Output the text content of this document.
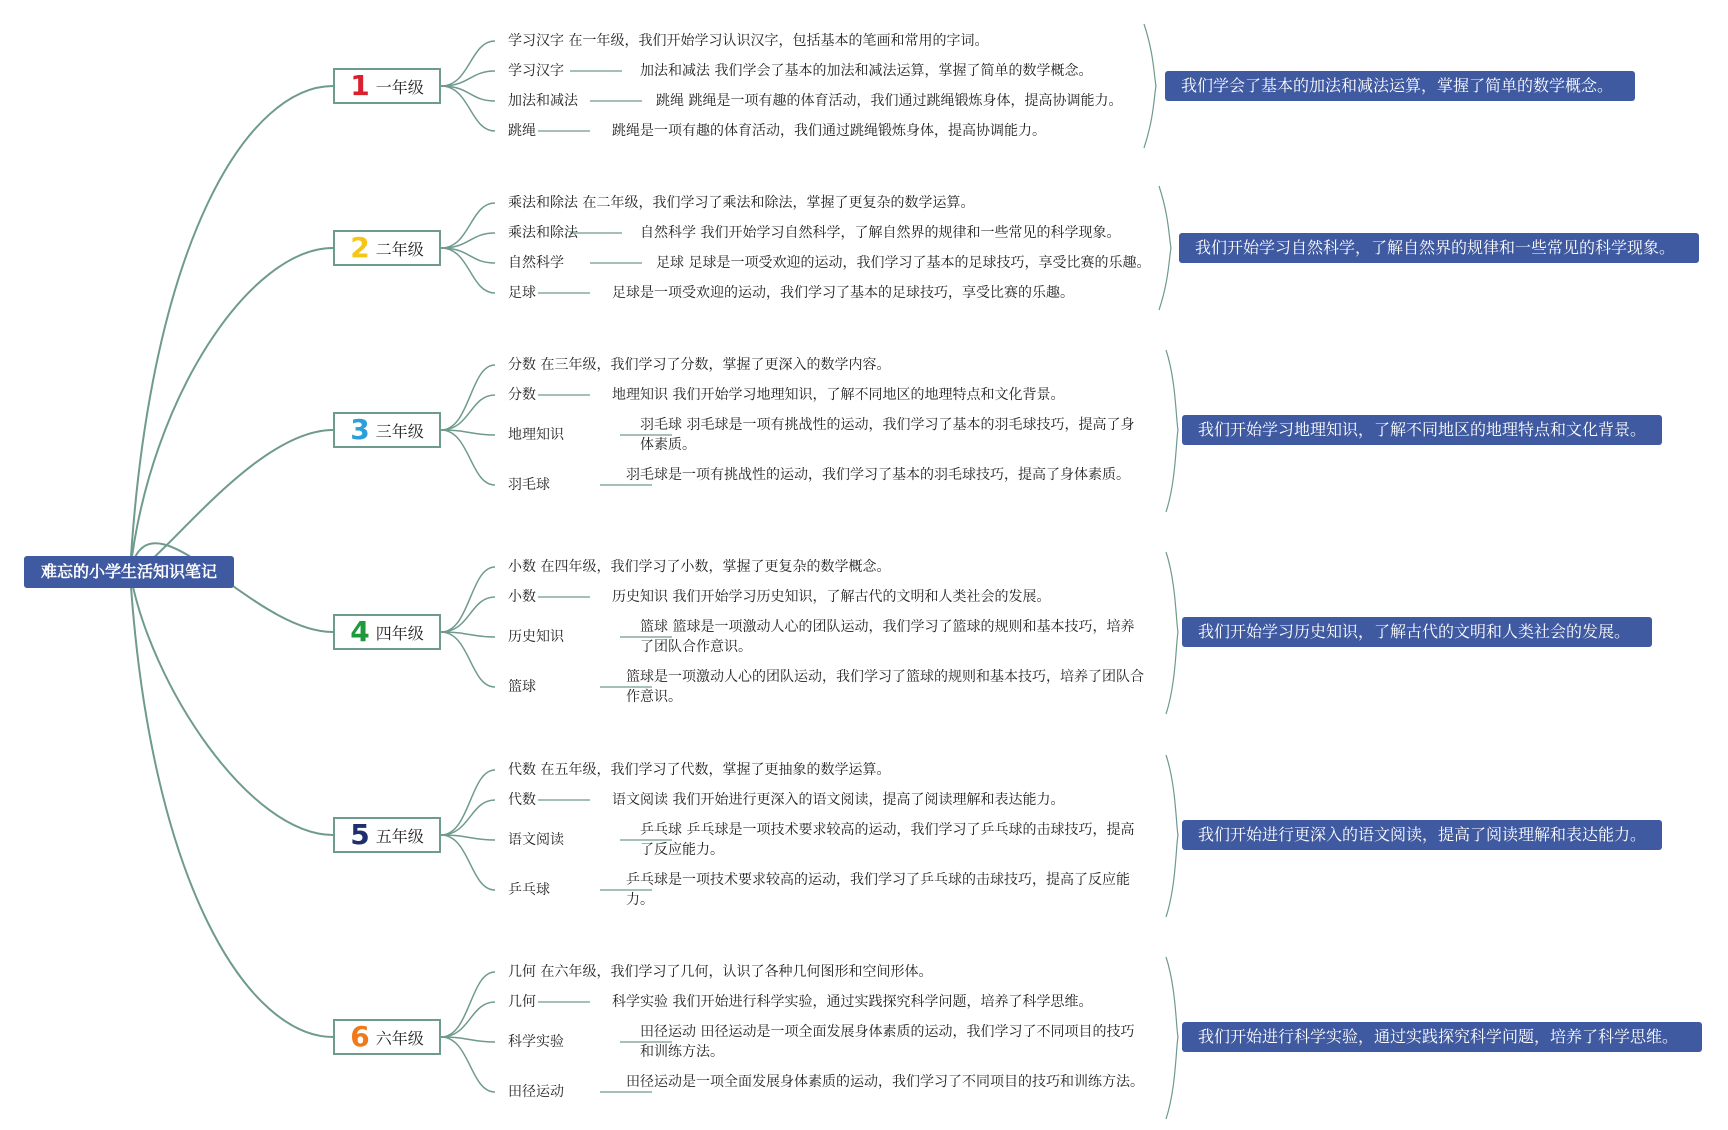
难忘的小学生活知识笔记
1 一年级
学习汉字 在一年级，我们开始学习认识汉字，包括基本的笔画和常用的字词。
学习汉字	加法和减法 我们学会了基本的加法和减法运算，掌握了简单的数学概念。
加法和减法	跳绳 跳绳是一项有趣的体育活动，我们通过跳绳锻炼身体，提高协调能力。
跳绳	跳绳是一项有趣的体育活动，我们通过跳绳锻炼身体，提高协调能力。
我们学会了基本的加法和减法运算，掌握了简单的数学概念。
2 二年级
乘法和除法 在二年级，我们学习了乘法和除法，掌握了更复杂的数学运算。
乘法和除法	自然科学 我们开始学习自然科学，了解自然界的规律和一些常见的科学现象。
自然科学	足球 足球是一项受欢迎的运动，我们学习了基本的足球技巧，享受比赛的乐趣。
足球	足球是一项受欢迎的运动，我们学习了基本的足球技巧，享受比赛的乐趣。
我们开始学习自然科学，了解自然界的规律和一些常见的科学现象。
3 三年级
分数 在三年级，我们学习了分数，掌握了更深入的数学内容。
分数	地理知识 我们开始学习地理知识，了解不同地区的地理特点和文化背景。
地理知识
羽毛球 羽毛球是一项有挑战性的运动，我们学习了基本的羽毛球技巧，提高了身体素质。
羽毛球
羽毛球是一项有挑战性的运动，我们学习了基本的羽毛球技巧，提高了身体素质。
我们开始学习地理知识，了解不同地区的地理特点和文化背景。
4 四年级
小数 在四年级，我们学习了小数，掌握了更复杂的数学概念。
小数	历史知识 我们开始学习历史知识，了解古代的文明和人类社会的发展。
历史知识
篮球 篮球是一项激动人心的团队运动，我们学习了篮球的规则和基本技巧，培养了团队合作意识。
篮球
篮球是一项激动人心的团队运动，我们学习了篮球的规则和基本技巧，培养了团队合作意识。
我们开始学习历史知识，了解古代的文明和人类社会的发展。
5 五年级
代数 在五年级，我们学习了代数，掌握了更抽象的数学运算。
代数	语文阅读 我们开始进行更深入的语文阅读，提高了阅读理解和表达能力。
语文阅读
乒乓球 乒乓球是一项技术要求较高的运动，我们学习了乒乓球的击球技巧，提高了反应能力。
乒乓球
乒乓球是一项技术要求较高的运动，我们学习了乒乓球的击球技巧，提高了反应能力。
我们开始进行更深入的语文阅读，提高了阅读理解和表达能力。
6 六年级
几何 在六年级，我们学习了几何，认识了各种几何图形和空间形体。
几何	科学实验 我们开始进行科学实验，通过实践探究科学问题，培养了科学思维。
科学实验
田径运动 田径运动是一项全面发展身体素质的运动，我们学习了不同项目的技巧和训练方法。
田径运动
田径运动是一项全面发展身体素质的运动，我们学习了不同项目的技巧和训练方法。
我们开始进行科学实验，通过实践探究科学问题，培养了科学思维。
